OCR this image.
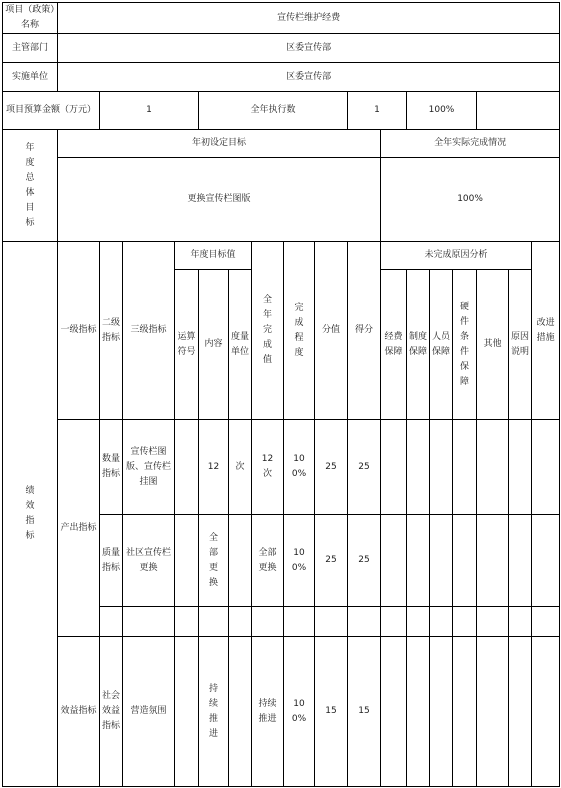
项目（政策）名称	宣传栏维护经费																
主管部门	区委宣传部																
实施单位	区委宣传部																
项目预算金额（万元）		1			全年执行数					1		100%					
年度总体目标	年初设定目标										全年实际完成情况						
	更换宣传栏图版										100%						
绩效指标	一级指标	二级指标	三级指标	年度目标值			全年完成值	完成程度	分值	得分	未完成原因分析						改进措施
				运算符号	内容	度量单位					经费保障	制度保障	人员保障	硬件条件保障	其他	原因说明	
	产出指标	数量指标	宣传栏图版、宣传栏挂图		12	次	12次	100%	25	25							
		质量指标	社区宣传栏更换		全部更换		全部更换	100%	25	25							

	效益指标	社会效益指标	营造氛围		持续推进		持续推进	100%	15	15							
